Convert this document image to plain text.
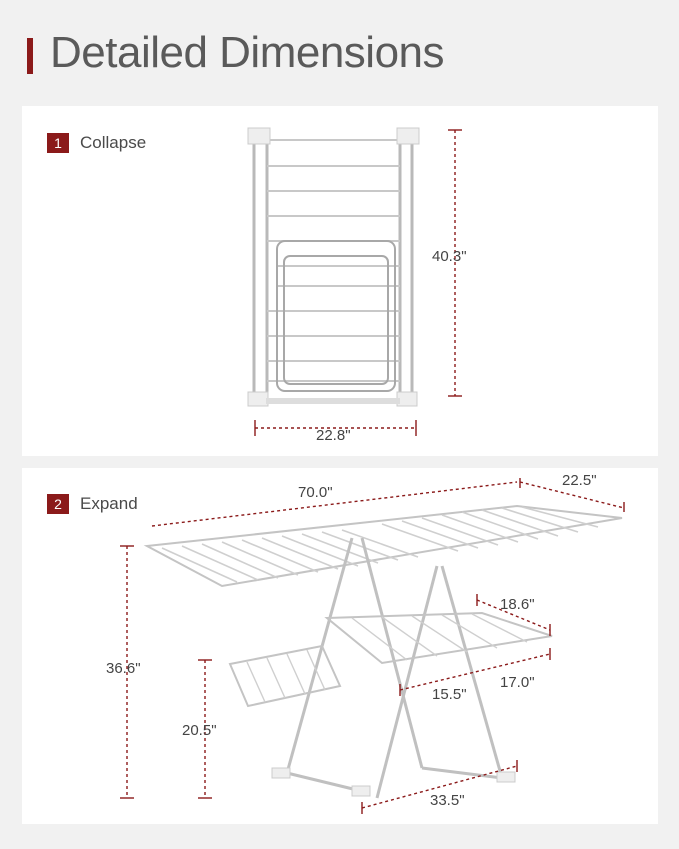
Detailed Dimensions
1	Collapse
40.3"
22.8"
2	Expand
70.0"
22.5"
36.6"
20.5"
18.6"
17.0"
15.5"
33.5"
